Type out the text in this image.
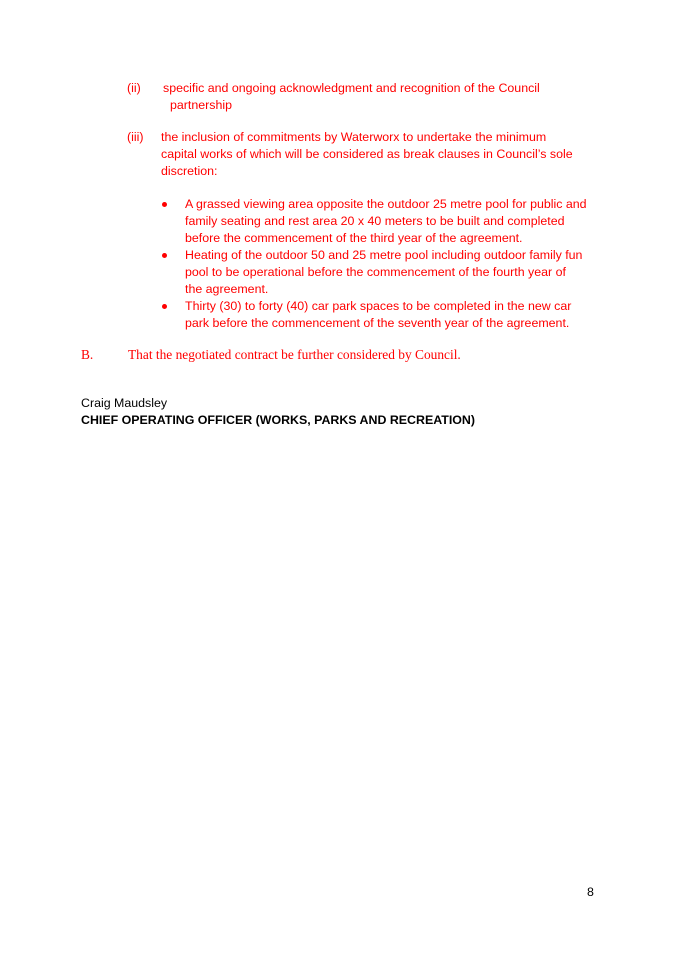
(ii) specific and ongoing acknowledgment and recognition of the Council
partnership
(iii) the inclusion of commitments by Waterworx to undertake the minimum
capital works of which will be considered as break clauses in Council’s sole
discretion:
A grassed viewing area opposite the outdoor 25 metre pool for public and
family seating and rest area 20 x 40 meters to be built and completed
before the commencement of the third year of the agreement.
Heating of the outdoor 50 and 25 metre pool including outdoor family fun
pool to be operational before the commencement of the fourth year of
the agreement.
Thirty (30) to forty (40) car park spaces to be completed in the new car
park before the commencement of the seventh year of the agreement.
B.	That the negotiated contract be further considered by Council.
Craig Maudsley
CHIEF OPERATING OFFICER (WORKS, PARKS AND RECREATION)
8
